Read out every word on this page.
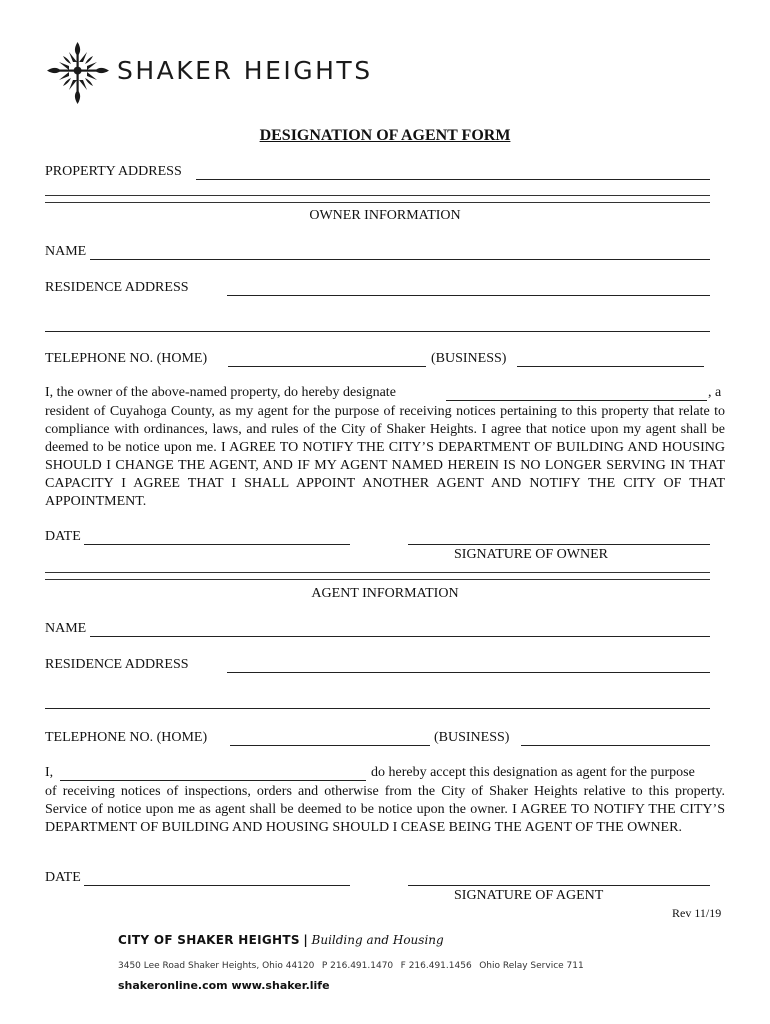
SHAKER HEIGHTS
DESIGNATION OF AGENT FORM
PROPERTY ADDRESS
OWNER INFORMATION
NAME
RESIDENCE ADDRESS
TELEPHONE NO. (HOME)	(BUSINESS)
I, the owner of the above-named property, do hereby designate	, a
resident of Cuyahoga County, as my agent for the purpose of receiving notices pertaining to this property that relate to compliance with ordinances, laws, and rules of the City of Shaker Heights. I agree that notice upon my agent shall be deemed to be notice upon me. I AGREE TO NOTIFY THE CITY’S DEPARTMENT OF BUILDING AND HOUSING SHOULD I CHANGE THE AGENT, AND IF MY AGENT NAMED HEREIN IS NO LONGER SERVING IN THAT CAPACITY I AGREE THAT I SHALL APPOINT ANOTHER AGENT AND NOTIFY THE CITY OF THAT APPOINTMENT.
DATE
SIGNATURE OF OWNER
AGENT INFORMATION
NAME
RESIDENCE ADDRESS
TELEPHONE NO. (HOME)	(BUSINESS)
I,	do hereby accept this designation as agent for the purpose
of receiving notices of inspections, orders and otherwise from the City of Shaker Heights relative to this property. Service of notice upon me as agent shall be deemed to be notice upon the owner. I AGREE TO NOTIFY THE CITY’S DEPARTMENT OF BUILDING AND HOUSING SHOULD I CEASE BEING THE AGENT OF THE OWNER.
DATE
SIGNATURE OF AGENT
Rev 11/19
CITY OF SHAKER HEIGHTS | Building and Housing
3450 Lee Road Shaker Heights, Ohio 44120 P 216.491.1470 F 216.491.1456 Ohio Relay Service 711
shakeronline.com www.shaker.life
